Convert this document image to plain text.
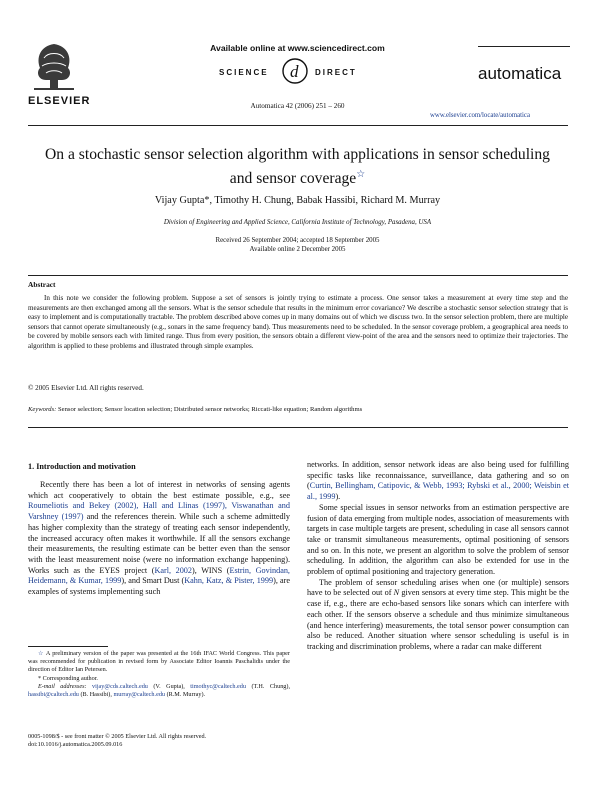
ELSEVIER
Available online at www.sciencedirect.com
SCIENCE d DIRECT
Automatica 42 (2006) 251 – 260
automatica
www.elsevier.com/locate/automatica
On a stochastic sensor selection algorithm with applications in sensor scheduling and sensor coverage☆
Vijay Gupta*, Timothy H. Chung, Babak Hassibi, Richard M. Murray
Division of Engineering and Applied Science, California Institute of Technology, Pasadena, USA
Received 26 September 2004; accepted 18 September 2005
Available online 2 December 2005
Abstract
In this note we consider the following problem. Suppose a set of sensors is jointly trying to estimate a process. One sensor takes a measurement at every time step and the measurements are then exchanged among all the sensors. What is the sensor schedule that results in the minimum error covariance? We describe a stochastic sensor selection strategy that is easy to implement and is computationally tractable. The problem described above comes up in many domains out of which we discuss two. In the sensor selection problem, there are multiple sensors that cannot operate simultaneously (e.g., sonars in the same frequency band). Thus measurements need to be scheduled. In the sensor coverage problem, a geographical area needs to be covered by mobile sensors each with limited range. Thus from every position, the sensors obtain a different view-point of the area and the sensors need to optimize their trajectories. The algorithm is applied to these problems and illustrated through simple examples.
© 2005 Elsevier Ltd. All rights reserved.
Keywords: Sensor selection; Sensor location selection; Distributed sensor networks; Riccati-like equation; Random algorithms
1. Introduction and motivation
Recently there has been a lot of interest in networks of sensing agents which act cooperatively to obtain the best estimate possible, e.g., see Roumeliotis and Bekey (2002), Hall and Llinas (1997), Viswanathan and Varshney (1997) and the references therein. While such a scheme admittedly has higher complexity than the strategy of treating each sensor independently, the increased accuracy often makes it worthwhile. If all the sensors exchange their measurements, the resulting estimate can be better even than the sensor with the least measurement noise (were no information exchange happening). Works such as the EYES project (Karl, 2002), WINS (Estrin, Govindan, Heidemann, & Kumar, 1999), and Smart Dust (Kahn, Katz, & Pister, 1999), are examples of systems implementing such

☆ A preliminary version of the paper was presented at the 16th IFAC World Congress. This paper was recommended for publication in revised form by Associate Editor Ioannis Paschalidis under the direction of Editor Ian Petersen.

* Corresponding author.

E-mail addresses: vijay@cds.caltech.edu (V. Gupta), timothyc@caltech.edu (T.H. Chung), hassibi@caltech.edu (B. Hassibi), murray@caltech.edu (R.M. Murray).

0005-1098/$ - see front matter © 2005 Elsevier Ltd. All rights reserved.
doi:10.1016/j.automatica.2005.09.016

networks. In addition, sensor network ideas are also being used for fulfilling specific tasks like reconnaissance, surveillance, data gathering and so on (Curtin, Bellingham, Catipovic, & Webb, 1993; Rybski et al., 2000; Weisbin et al., 1999).

Some special issues in sensor networks from an estimation perspective are fusion of data emerging from multiple nodes, association of measurements with targets in case multiple targets are present, scheduling in case all sensors cannot take or transmit simultaneous measurements, optimal positioning of sensors and so on. In this note, we present an algorithm to solve the problem of sensor scheduling. In addition, the algorithm can also be extended for use in the problem of optimal positioning and trajectory generation.

The problem of sensor scheduling arises when one (or multiple) sensors have to be selected out of N given sensors at every time step. This might be the case if, e.g., there are echo-based sensors like sonars which can interfere with each other. If the sensors observe a schedule and thus minimize simultaneous (and hence interfering) measurements, the total sensor power consumption can also be reduced. Another situation where sensor scheduling is useful is in tracking and discrimination problems, where a radar can make different
